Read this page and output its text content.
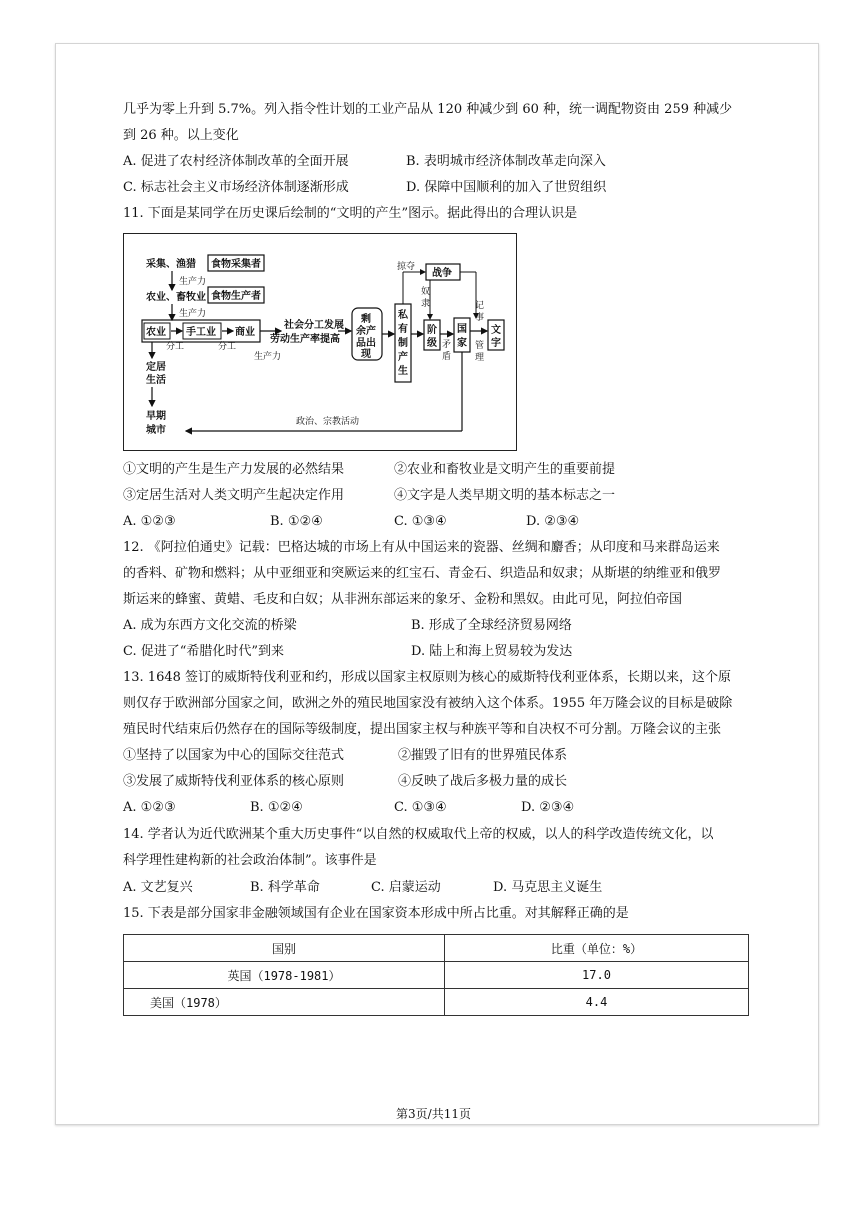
几乎为零上升到 5.7%。列入指令性计划的工业产品从 120 种减少到 60 种，统一调配物资由 259 种减少
到 26 种。以上变化
A. 促进了农村经济体制改革的全面开展	B. 表明城市经济体制改革走向深入
C. 标志社会主义市场经济体制逐渐形成	D. 保障中国顺利的加入了世贸组织
11. 下面是某同学在历史课后绘制的“文明的产生”图示。据此得出的合理认识是
采集、渔猎 食物采集者
生产力
农业、畜牧业 食物生产者
生产力
农业 手工业 商业
分工	分工
社会分工发展
劳动生产率提高
生产力
剩
余产
品出
现
私
有
制
产
生
战争
掠夺
奴
隶
阶
级 矛
盾
国
家
记
事
管
理
文
字
定居
生活
早期
城市
政治、宗教活动
①文明的产生是生产力发展的必然结果	②农业和畜牧业是文明产生的重要前提
③定居生活对人类文明产生起决定作用	④文字是人类早期文明的基本标志之一
A. ①②③	B. ①②④	C. ①③④	D. ②③④
12. 《阿拉伯通史》记载：巴格达城的市场上有从中国运来的瓷器、丝绸和麝香；从印度和马来群岛运来
的香料、矿物和燃料；从中亚细亚和突厥运来的红宝石、青金石、织造品和奴隶；从斯堪的纳维亚和俄罗
斯运来的蜂蜜、黄蜡、毛皮和白奴；从非洲东部运来的象牙、金粉和黑奴。由此可见，阿拉伯帝国
A. 成为东西方文化交流的桥梁	B. 形成了全球经济贸易网络
C. 促进了“希腊化时代”到来	D. 陆上和海上贸易较为发达
13. 1648 签订的威斯特伐利亚和约，形成以国家主权原则为核心的威斯特伐利亚体系，长期以来，这个原
则仅存于欧洲部分国家之间，欧洲之外的殖民地国家没有被纳入这个体系。1955 年万隆会议的目标是破除
殖民时代结束后仍然存在的国际等级制度，提出国家主权与种族平等和自决权不可分割。万隆会议的主张
①坚持了以国家为中心的国际交往范式	②摧毁了旧有的世界殖民体系
③发展了威斯特伐利亚体系的核心原则	④反映了战后多极力量的成长
A. ①②③	B. ①②④	C. ①③④	D. ②③④
14. 学者认为近代欧洲某个重大历史事件“以自然的权威取代上帝的权威，以人的科学改造传统文化，以
科学理性建构新的社会政治体制”。该事件是
A. 文艺复兴	B. 科学革命	C. 启蒙运动	D. 马克思主义诞生
15. 下表是部分国家非金融领域国有企业在国家资本形成中所占比重。对其解释正确的是
国别	比重（单位：%）
英国（1978-1981）	17.0
美国（1978）	4.4
第3页/共11页
